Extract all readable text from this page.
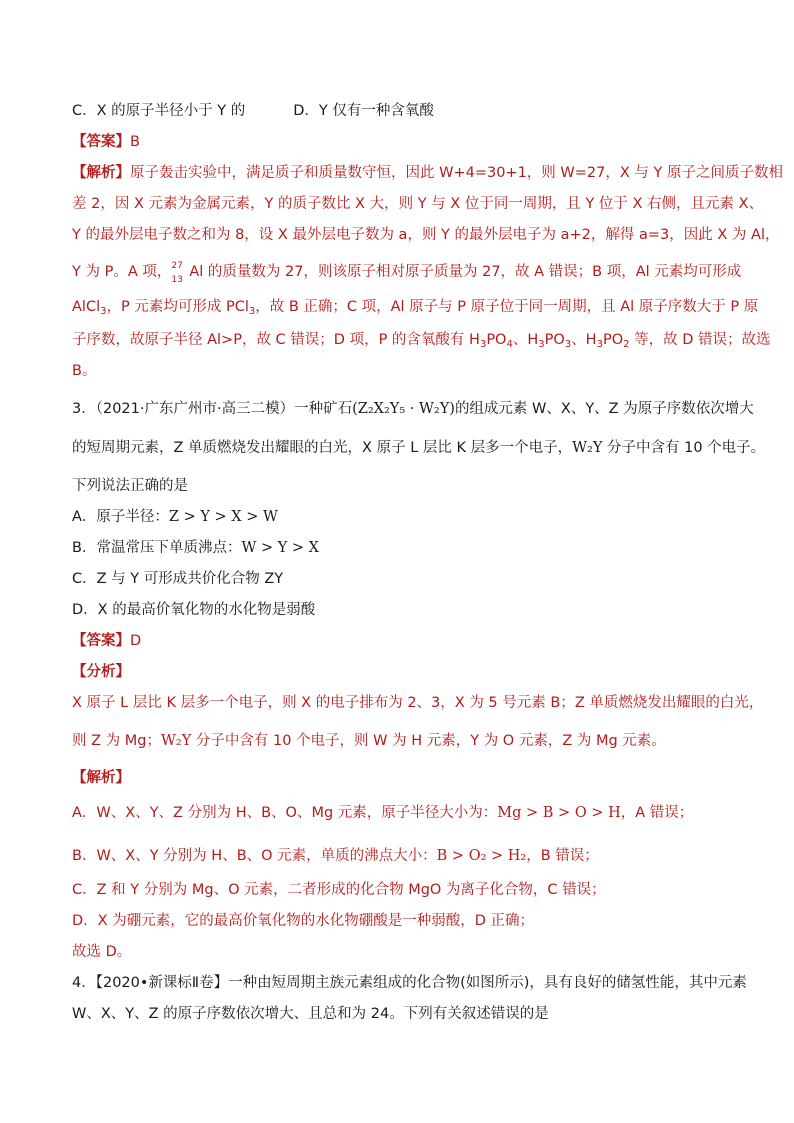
C．X 的原子半径小于 Y 的	D．Y 仅有一种含氧酸
【答案】B
【解析】原子轰击实验中，满足质子和质量数守恒，因此 W+4=30+1，则 W=27，X 与 Y 原子之间质子数相
差 2，因 X 元素为金属元素，Y 的质子数比 X 大，则 Y 与 X 位于同一周期，且 Y 位于 X 右侧，且元素 X、
Y 的最外层电子数之和为 8，设 X 最外层电子数为 a，则 Y 的最外层电子为 a+2，解得 a=3，因此 X 为 Al，
Y 为 P。A 项， 27
13 Al 的质量数为 27，则该原子相对原子质量为 27，故 A 错误；B 项，Al 元素均可形成
AlCl$_3$，P 元素均可形成 PCl$_3$，故 B 正确；C 项，Al 原子与 P 原子位于同一周期，且 Al 原子序数大于 P 原
子序数，故原子半径 Al>P，故 C 错误；D 项，P 的含氧酸有 $H_3PO_4$、$H_3PO_3$、$H_3PO_2$ 等，故 D 错误；故选
B。
3．（2021·广东广州市·高三二模）一种矿石(Z₂X₂Y₅ · W₂Y)的组成元素 W、X、Y、Z 为原子序数依次增大
的短周期元素，Z 单质燃烧发出耀眼的白光，X 原子 L 层比 K 层多一个电子，W₂Y 分子中含有 10 个电子。
下列说法正确的是
A．原子半径：Z > Y > X > W
B．常温常压下单质沸点：W > Y > X
C．Z 与 Y 可形成共价化合物 ZY
D．X 的最高价氧化物的水化物是弱酸
【答案】D
【分析】
X 原子 L 层比 K 层多一个电子，则 X 的电子排布为 2、3，X 为 5 号元素 B；Z 单质燃烧发出耀眼的白光，
则 Z 为 Mg；W₂Y 分子中含有 10 个电子，则 W 为 H 元素，Y 为 O 元素，Z 为 Mg 元素。
【解析】
A．W、X、Y、Z 分别为 H、B、O、Mg 元素，原子半径大小为：Mg > B > O > H，A 错误；
B．W、X、Y 分别为 H、B、O 元素，单质的沸点大小：B > O₂ > H₂，B 错误；
C．Z 和 Y 分别为 Mg、O 元素，二者形成的化合物 MgO 为离子化合物，C 错误；
D．X 为硼元素，它的最高价氧化物的水化物硼酸是一种弱酸，D 正确；
故选 D。
4．【2020•新课标Ⅱ卷】一种由短周期主族元素组成的化合物(如图所示)，具有良好的储氢性能，其中元素
W、X、Y、Z 的原子序数依次增大、且总和为 24。下列有关叙述错误的是
